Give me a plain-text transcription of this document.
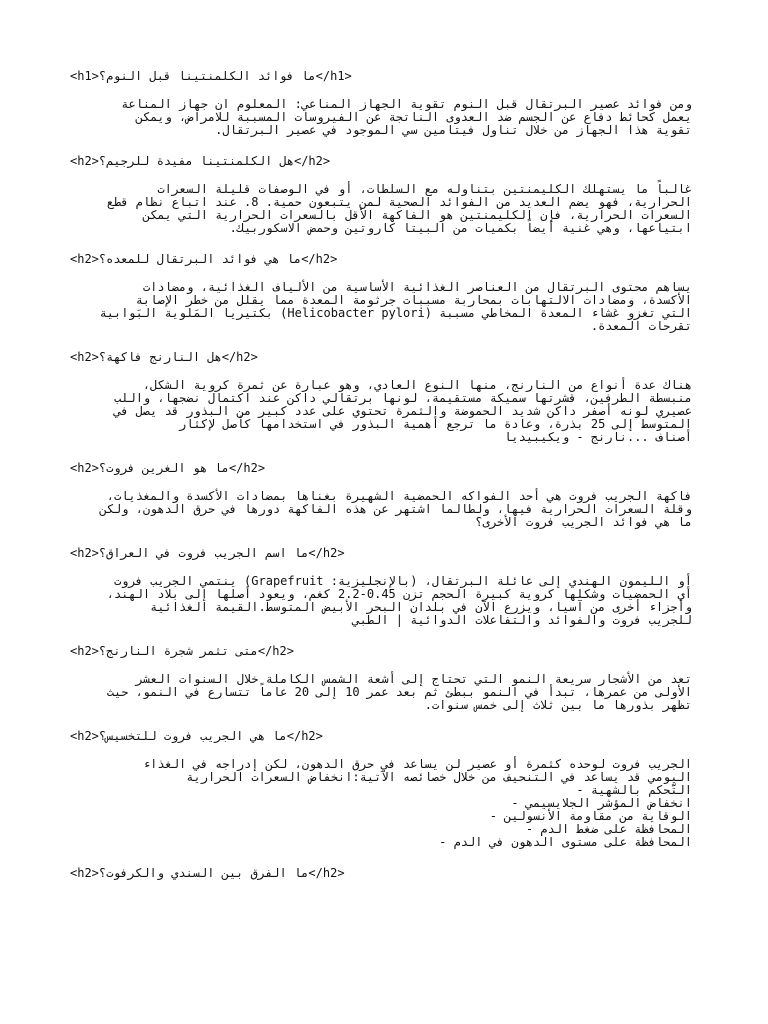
<h1>ما فوائد الكلمنتينا قبل النوم؟</h1>
ومن فوائد عصير البرتقال قبل النوم تقوية الجهاز المناعي: المعلوم ان جهاز المناعة
يعمل كحائط دفاع عن الجسم ضد العدوى الناتجة عن الفيروسات المسببة للامراض، ويمكن
تقوية هذا الجهاز من خلال تناول فيتامين سي الموجود في عصير البرتقال.
<h2>هل الكلمنتينا مفيدة للرجيم؟</h2>
غالباً ما يستهلك الكليمنتين بتناوله مع السلطات، أو في الوصفات قليلة السعرات
الحرارية، فهو يضم العديد من الفوائد الصحية لمن يتبعون حمية. 8. عند اتباع نظام قطع
السعرات الحرارية، فإن الكليمنتين هو الفاكهة الأقل بالسعرات الحرارية التي يمكن
ابتياعها، وهي غنية أيضاً بكميات من البيتا كاروتين وحمض الاسكوربيك.
<h2>ما هي فوائد البرتقال للمعده؟</h2>
يساهم محتوى البرتقال من العناصر الغذائية الأساسية من الألياف الغذائية، ومضادات
الأكسدة، ومضادات الالتهابات بمحاربة مسببات جرثومة المعدة مما يقلل من خطر الإصابة
التي تغزو غشاء المعدة المخاطي مسببة (Helicobacter pylori) بكتيريا المَلوية البَوابية
تقرحات المعدة.
<h2>هل النارنج فاكهة؟</h2>
هناك عدة أنواع من النارنج، منها النوع العادي، وهو عبارة عن ثمرة كروية الشكل،
منبسطة الطرفين، قشرتها سميكة مستقيمة، لونها برتقالي داكن عند اكتمال نضجها، واللب
عصيري لونه أصفر داكن شديد الحموضة والثمرة تحتوي على عدد كبير من البذور قد يصل في
المتوسط إلى 25 بذرة، وعادة ما ترجع أهمية البذور في استخدامها كأصل لإكثار
أصناف ...نارنج - ويكيبيديا
<h2>ما هو الغرين فروت؟</h2>
فاكهة الجريب فروت هي أحد الفواكه الحمضية الشهيرة بغناها بمضادات الأكسدة والمغذيات،
وقلة السعرات الحرارية فيها، ولطالما اشتهر عن هذه الفاكهة دورها في حرق الدهون، ولكن
ما هي فوائد الجريب فروت الأخرى؟
<h2>ما اسم الجريب فروت في العراق؟</h2>
أو الليمون الهندي إلى عائلة البرتقال، (بالإنجليزية: Grapefruit) ينتمي الجريب فروت
أي الحمضيات وشكلها كروية كبيرة الحجم تزن 0.45-2.2 كغم، ويعود أصلها إلى بلاد الهند،
وأجزاء أخرى من آسيا، ويزرع الآن في بلدان البحر الأبيض المتوسط.القيمة الغذائية
للجريب فروت والفوائد والتفاعلات الدوائية | الطبي
<h2>متى تثمر شجرة النارنج؟</h2>
تعد من الأشجار سريعة النمو التي تحتاج إلى أشعة الشمس الكاملة خلال السنوات العشر
الأولى من عمرها، تبدأ في النمو ببطئ ثم بعد عمر 10 إلى 20 عاماً تتسارع في النمو، حيث
تظهر بذورها ما بين ثلاث إلى خمس سنوات.
<h2>ما هي الجريب فروت للتخسيس؟</h2>
الجريب فروت لوحده كثمرة أو عصير لن يساعد في حرق الدهون، لكن إدراجه في الغذاء
اليومي قد يساعد في التنحيف من خلال خصائصه الآتية:انخفاض السعرات الحرارية
التّحكم بالشهية -
انخفاض المؤشر الجلايسيمي -
الوقاية من مقاومة الأنسولين -
المحافظة على ضغط الدم -
المحافظة على مستوى الدهون في الدم -
<h2>ما الفرق بين السندي والكرفوت؟</h2>
